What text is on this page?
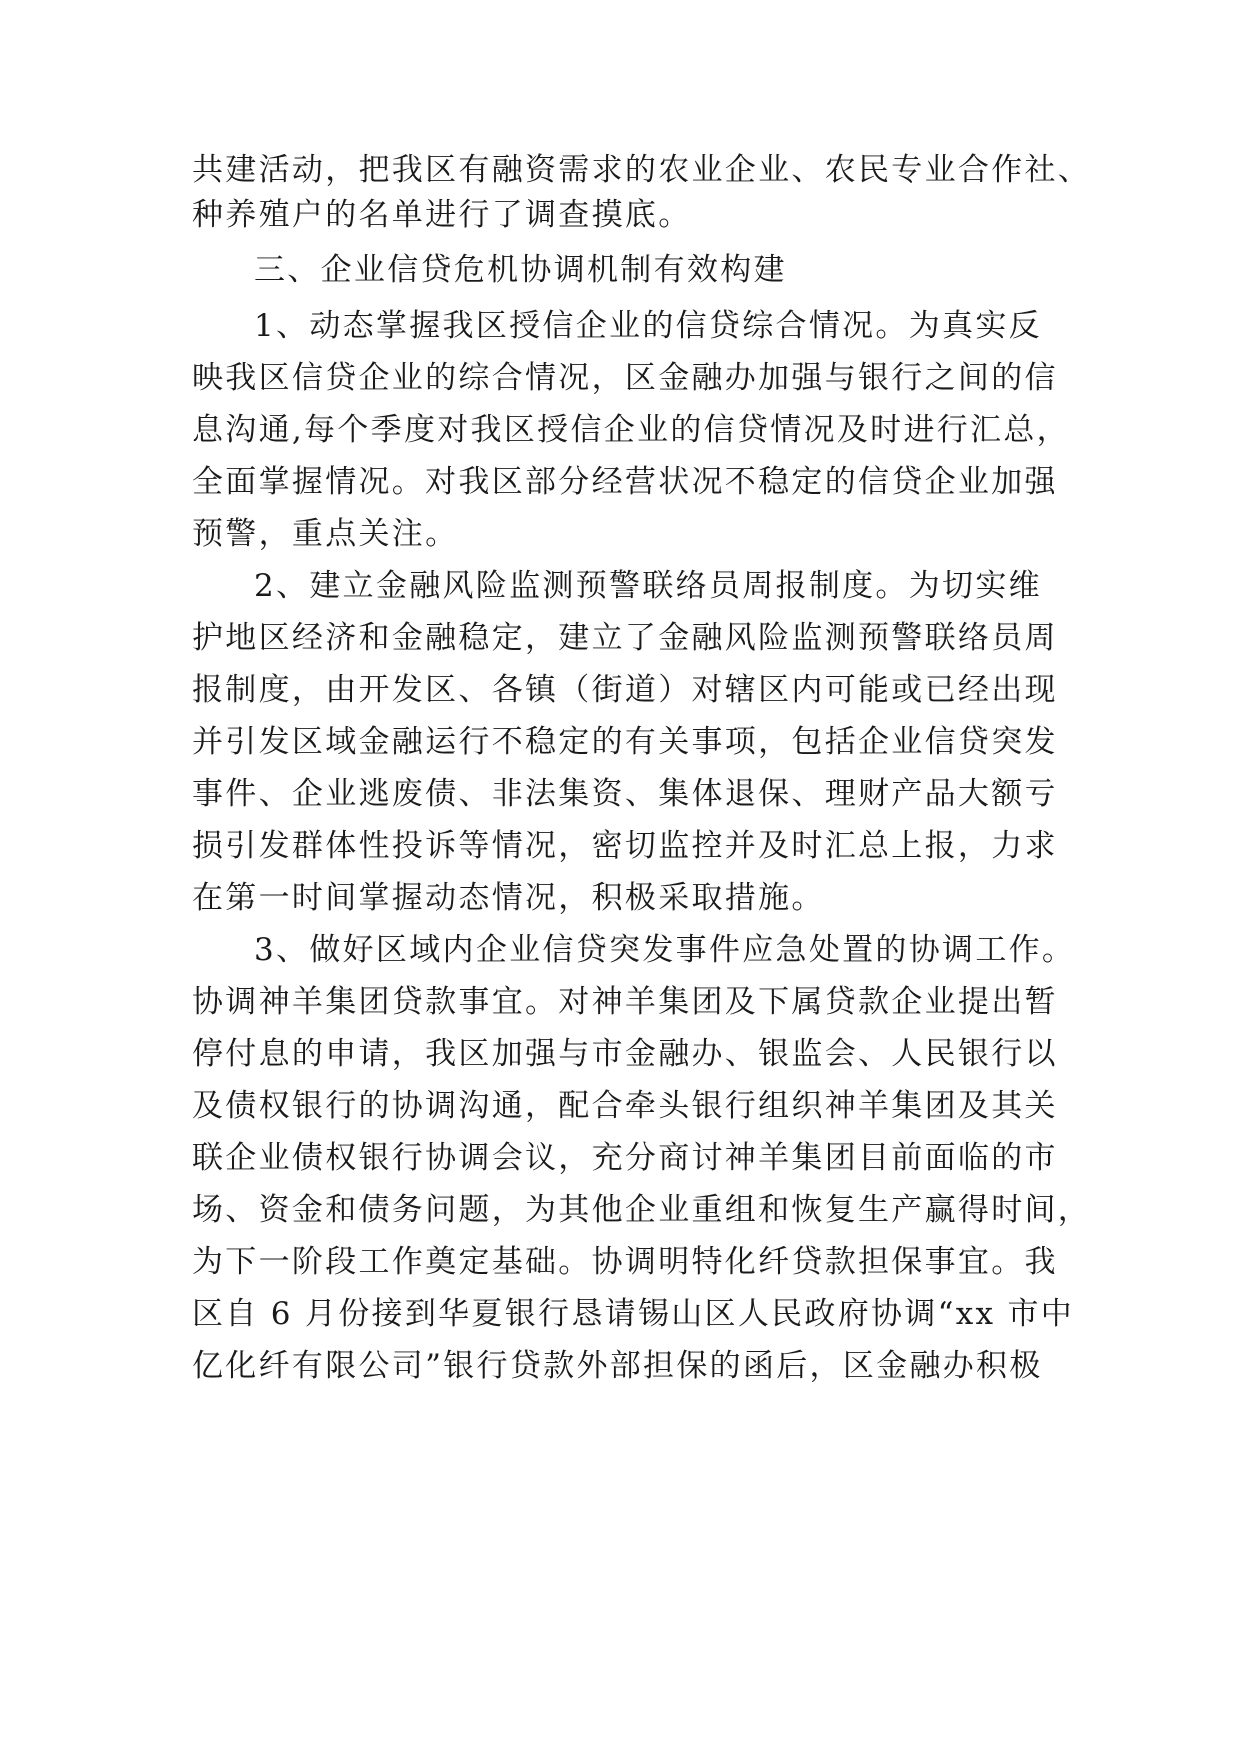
共建活动，把我区有融资需求的农业企业、农民专业合作社、
种养殖户的名单进行了调查摸底。
三、企业信贷危机协调机制有效构建
1、动态掌握我区授信企业的信贷综合情况。为真实反
映我区信贷企业的综合情况，区金融办加强与银行之间的信
息沟通,每个季度对我区授信企业的信贷情况及时进行汇总，
全面掌握情况。对我区部分经营状况不稳定的信贷企业加强
预警，重点关注。
2、建立金融风险监测预警联络员周报制度。为切实维
护地区经济和金融稳定，建立了金融风险监测预警联络员周
报制度，由开发区、各镇（街道）对辖区内可能或已经出现
并引发区域金融运行不稳定的有关事项，包括企业信贷突发
事件、企业逃废债、非法集资、集体退保、理财产品大额亏
损引发群体性投诉等情况，密切监控并及时汇总上报，力求
在第一时间掌握动态情况，积极采取措施。
3、做好区域内企业信贷突发事件应急处置的协调工作。
协调神羊集团贷款事宜。对神羊集团及下属贷款企业提出暂
停付息的申请，我区加强与市金融办、银监会、人民银行以
及债权银行的协调沟通，配合牵头银行组织神羊集团及其关
联企业债权银行协调会议，充分商讨神羊集团目前面临的市
场、资金和债务问题，为其他企业重组和恢复生产赢得时间，
为下一阶段工作奠定基础。协调明特化纤贷款担保事宜。我
区自 6 月份接到华夏银行恳请锡山区人民政府协调“xx 市中
亿化纤有限公司”银行贷款外部担保的函后，区金融办积极
